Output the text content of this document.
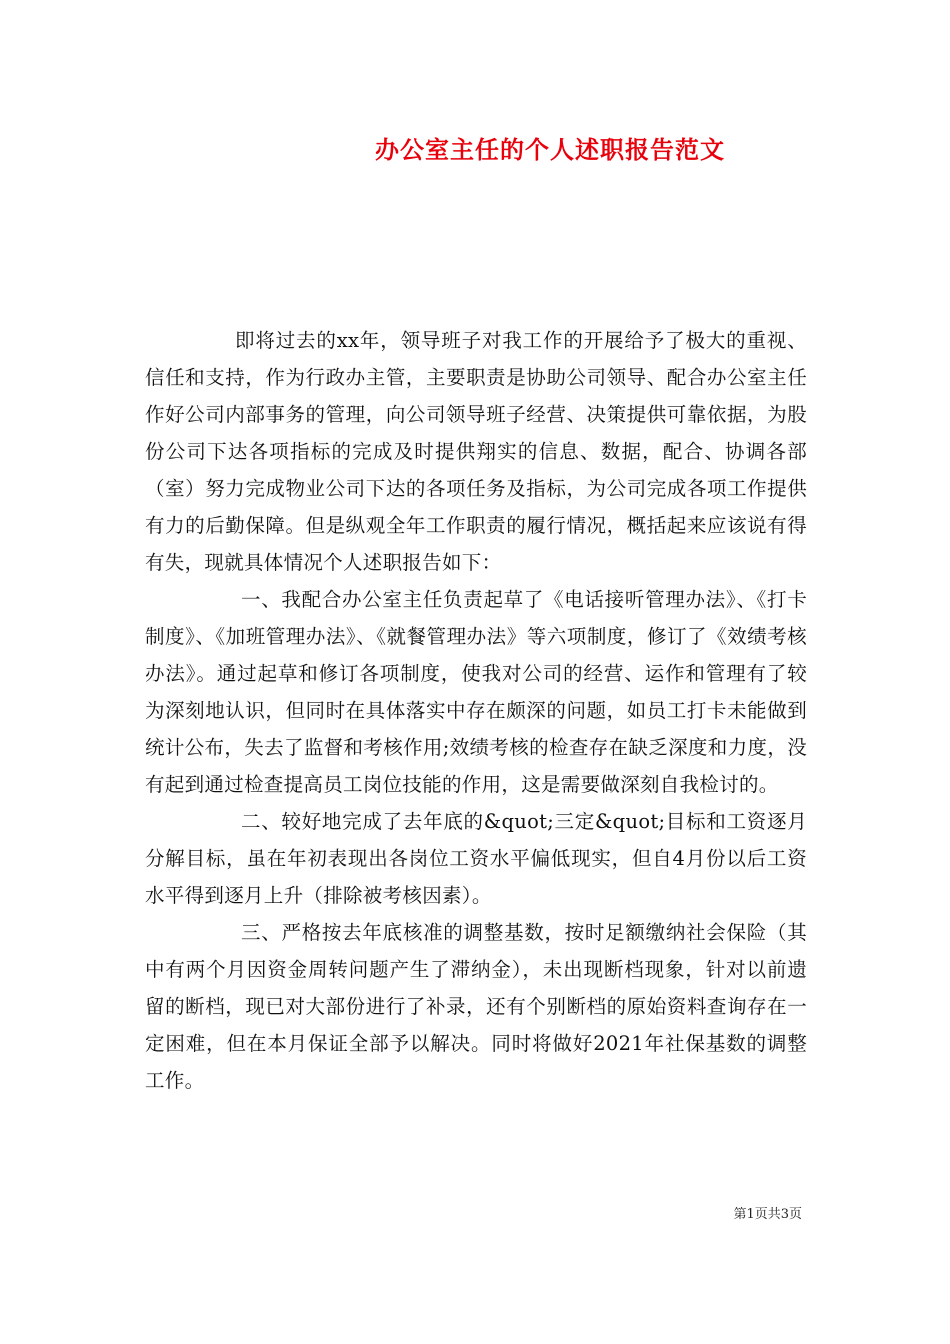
办公室主任的个人述职报告范文

即将过去的xx年，领导班子对我工作的开展给予了极大的重视、信任和支持，作为行政办主管，主要职责是协助公司领导、配合办公室主任作好公司内部事务的管理，向公司领导班子经营、决策提供可靠依据，为股份公司下达各项指标的完成及时提供翔实的信息、数据，配合、协调各部（室）努力完成物业公司下达的各项任务及指标，为公司完成各项工作提供有力的后勤保障。但是纵观全年工作职责的履行情况，概括起来应该说有得有失，现就具体情况个人述职报告如下：

一、我配合办公室主任负责起草了《电话接听管理办法》、《打卡制度》、《加班管理办法》、《就餐管理办法》等六项制度，修订了《效绩考核办法》。通过起草和修订各项制度，使我对公司的经营、运作和管理有了较为深刻地认识，但同时在具体落实中存在颇深的问题，如员工打卡未能做到统计公布，失去了监督和考核作用;效绩考核的检查存在缺乏深度和力度，没有起到通过检查提高员工岗位技能的作用，这是需要做深刻自我检讨的。

二、较好地完成了去年底的&quot;三定&quot;目标和工资逐月分解目标，虽在年初表现出各岗位工资水平偏低现实，但自4月份以后工资水平得到逐月上升（排除被考核因素）。

三、严格按去年底核准的调整基数，按时足额缴纳社会保险（其中有两个月因资金周转问题产生了滞纳金），未出现断档现象，针对以前遗留的断档，现已对大部份进行了补录，还有个别断档的原始资料查询存在一定困难，但在本月保证全部予以解决。同时将做好2021年社保基数的调整工作。

第1页共3页
